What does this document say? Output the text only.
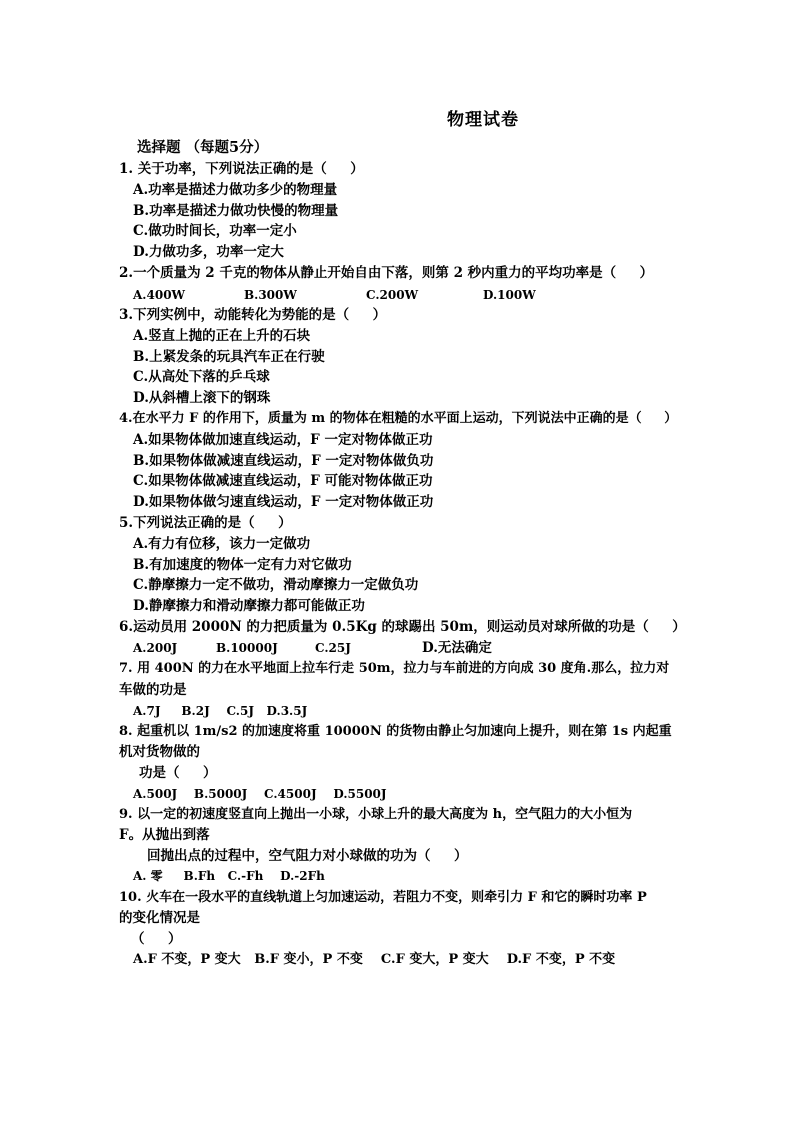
物理试卷
选择题 （每题5分）
1. 关于功率，下列说法正确的是（     ）
A.功率是描述力做功多少的物理量
B.功率是描述力做功快慢的物理量
C.做功时间长，功率一定小
D.力做功多，功率一定大
2.一个质量为 2 千克的物体从静止开始自由下落，则第 2 秒内重力的平均功率是（     ）

A.400W

	B.300W

	C.200W

	D.100W

3.下列实例中，动能转化为势能的是（     ）
A.竖直上抛的正在上升的石块
B.上紧发条的玩具汽车正在行驶
C.从高处下落的乒乓球
D.从斜槽上滚下的钢珠
4.在水平力 F 的作用下，质量为 m 的物体在粗糙的水平面上运动，下列说法中正确的是（     ）
A.如果物体做加速直线运动，F 一定对物体做正功
B.如果物体做减速直线运动，F 一定对物体做负功
C.如果物体做减速直线运动，F 可能对物体做正功
D.如果物体做匀速直线运动，F 一定对物体做正功
5.下列说法正确的是（     ）
A.有力有位移，该力一定做功
B.有加速度的物体一定有力对它做功
C.静摩擦力一定不做功，滑动摩擦力一定做负功
D.静摩擦力和滑动摩擦力都可能做正功
6.运动员用 2000N 的力把质量为 0.5Kg 的球踢出 50m，则运动员对球所做的功是（     ）

A.200J

	B.10000J

	C.25J

	D.无法确定

7. 用 400N 的力在水平地面上拉车行走 50m，拉力与车前进的方向成 30 度角.那么，拉力对
车做的功是
A.7J     B.2J    C.5J   D.3.5J
8. 起重机以 1m/s2 的加速度将重 10000N 的货物由静止匀加速向上提升，则在第 1s 内起重
机对货物做的
功是（     ）
A.500J    B.5000J    C.4500J    D.5500J
9. 以一定的初速度竖直向上抛出一小球，小球上升的最大高度为 h，空气阻力的大小恒为
F。从抛出到落
回抛出点的过程中，空气阻力对小球做的功为（     ）
A. 零     B.Fh   C.-Fh    D.-2Fh
10. 火车在一段水平的直线轨道上匀加速运动，若阻力不变，则牵引力 F 和它的瞬时功率 P
的变化情况是
（     ）
A.F 不变，P 变大   B.F 变小，P 不变    C.F 变大，P 变大    D.F 不变，P 不变
